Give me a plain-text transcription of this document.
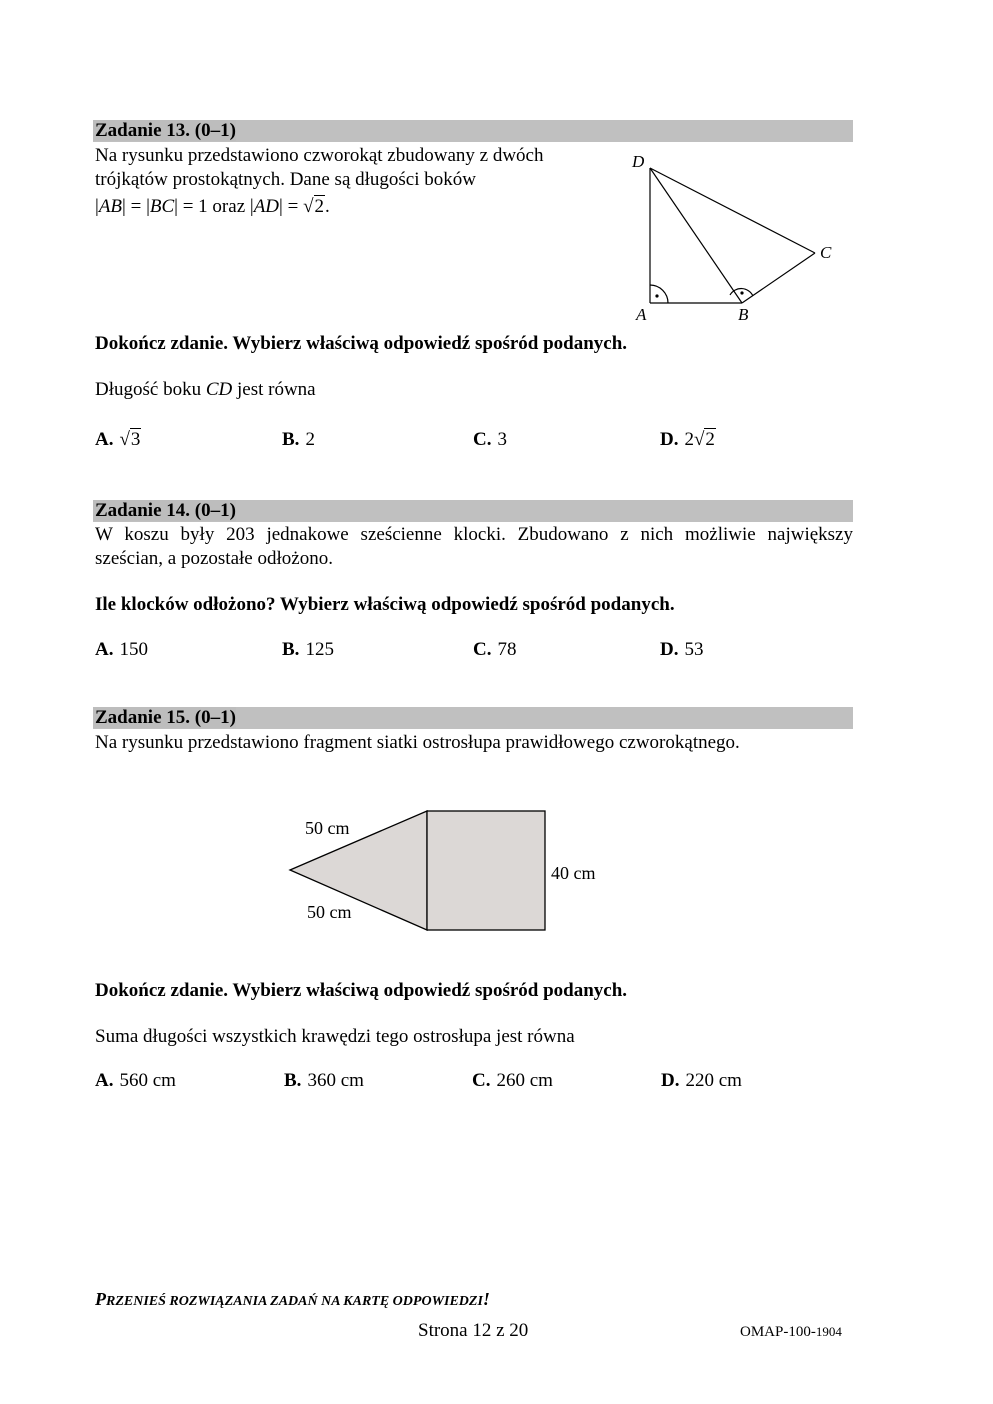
Zadanie 13. (0–1)
Na rysunku przedstawiono czworokąt zbudowany z dwóch
trójkątów prostokątnych. Dane są długości boków
|AB| = |BC| = 1 oraz |AD| = √2.
D
C
A	B
Dokończ zdanie. Wybierz właściwą odpowiedź spośród podanych.
Długość boku CD jest równa
A. √3	B. 2	C. 3	D. 2√2
Zadanie 14. (0–1)
W koszu były 203 jednakowe sześcienne klocki. Zbudowano z nich możliwie największy
sześcian, a pozostałe odłożono.
Ile klocków odłożono? Wybierz właściwą odpowiedź spośród podanych.
A. 150	B. 125	C. 78	D. 53
Zadanie 15. (0–1)
Na rysunku przedstawiono fragment siatki ostrosłupa prawidłowego czworokątnego.
50 cm
50 cm
40 cm
Dokończ zdanie. Wybierz właściwą odpowiedź spośród podanych.
Suma długości wszystkich krawędzi tego ostrosłupa jest równa
A. 560 cm	B. 360 cm	C. 260 cm	D. 220 cm
PRZENIEŚ ROZWIĄZANIA ZADAŃ NA KARTĘ ODPOWIEDZI!
Strona 12 z 20	OMAP-100-1904
